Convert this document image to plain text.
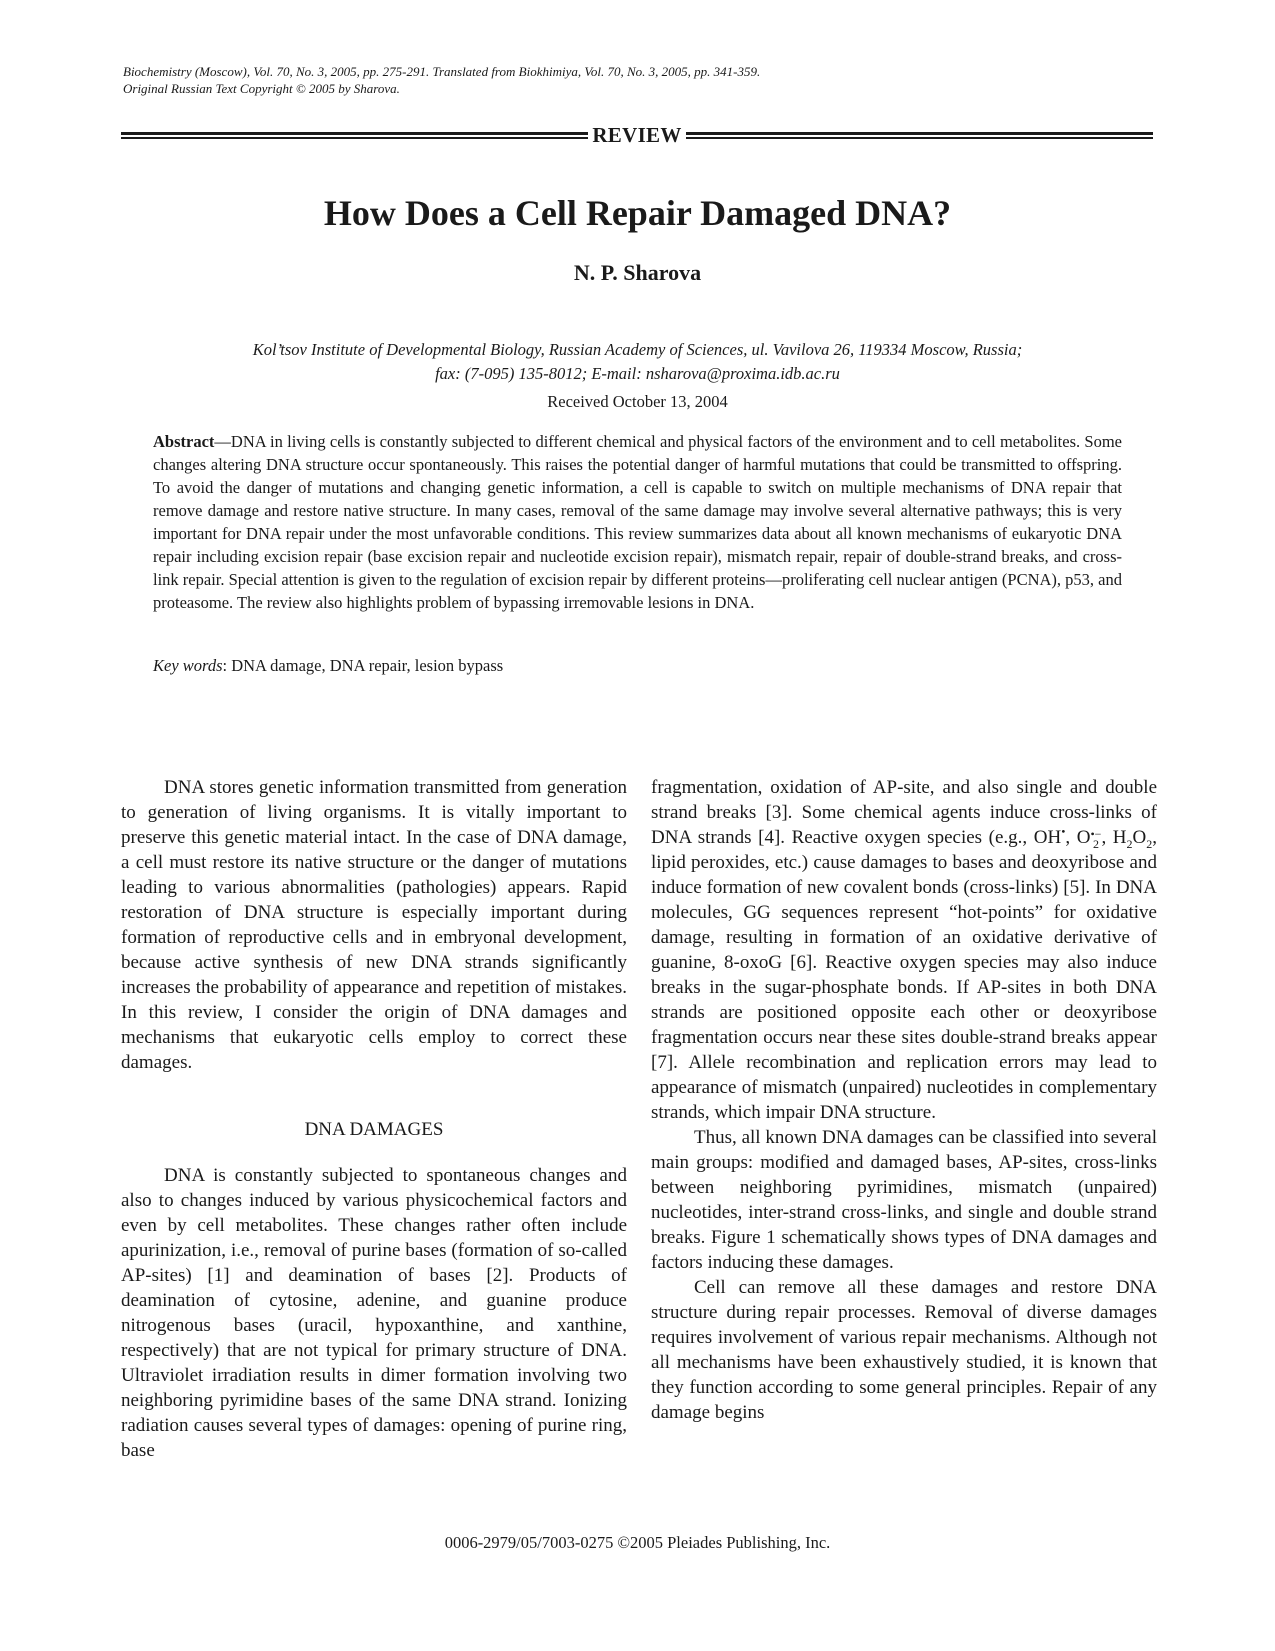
Biochemistry (Moscow), Vol. 70, No. 3, 2005, pp. 275-291. Translated from Biokhimiya, Vol. 70, No. 3, 2005, pp. 341-359.
Original Russian Text Copyright © 2005 by Sharova.
REVIEW
How Does a Cell Repair Damaged DNA?
N. P. Sharova
Kol’tsov Institute of Developmental Biology, Russian Academy of Sciences, ul. Vavilova 26, 119334 Moscow, Russia;
fax: (7-095) 135-8012; E-mail: nsharova@proxima.idb.ac.ru
Received October 13, 2004
Abstract—DNA in living cells is constantly subjected to different chemical and physical factors of the environment and to cell metabolites. Some changes altering DNA structure occur spontaneously. This raises the potential danger of harmful mutations that could be transmitted to offspring. To avoid the danger of mutations and changing genetic information, a cell is capable to switch on multiple mechanisms of DNA repair that remove damage and restore native structure. In many cases, removal of the same damage may involve several alternative pathways; this is very important for DNA repair under the most unfavorable conditions. This review summarizes data about all known mechanisms of eukaryotic DNA repair including excision repair (base excision repair and nucleotide excision repair), mismatch repair, repair of double-strand breaks, and cross-link repair. Special attention is given to the regulation of excision repair by different proteins—proliferating cell nuclear antigen (PCNA), p53, and proteasome. The review also highlights problem of bypassing irremovable lesions in DNA.
Key words: DNA damage, DNA repair, lesion bypass

DNA stores genetic information transmitted from generation to generation of living organisms. It is vitally important to preserve this genetic material intact. In the case of DNA damage, a cell must restore its native structure or the danger of mutations leading to various abnormalities (pathologies) appears. Rapid restoration of DNA structure is especially important during formation of reproductive cells and in embryonal development, because active synthesis of new DNA strands significantly increases the probability of appearance and repetition of mistakes. In this review, I consider the origin of DNA damages and mechanisms that eukaryotic cells employ to correct these damages.

DNA DAMAGES

DNA is constantly subjected to spontaneous changes and also to changes induced by various physicochemical factors and even by cell metabolites. These changes rather often include apurinization, i.e., removal of purine bases (formation of so-called AP-sites) [1] and deamination of bases [2]. Products of deamination of cytosine, adenine, and guanine produce nitrogenous bases (uracil, hypoxanthine, and xanthine, respectively) that are not typical for primary structure of DNA. Ultraviolet irradiation results in dimer formation involving two neighboring pyrimidine bases of the same DNA strand. Ionizing radiation causes several types of damages: opening of purine ring, base

fragmentation, oxidation of AP-site, and also single and double strand breaks [3]. Some chemical agents induce cross-links of DNA strands [4]. Reactive oxygen species (e.g., OH•, O •−
2 , $H_2O_2$, lipid peroxides, etc.) cause damages to bases and deoxyribose and induce formation of new covalent bonds (cross-links) [5]. In DNA molecules, GG sequences represent “hot-points” for oxidative damage, resulting in formation of an oxidative derivative of guanine, 8-oxoG [6]. Reactive oxygen species may also induce breaks in the sugar-phosphate bonds. If AP-sites in both DNA strands are positioned opposite each other or deoxyribose fragmentation occurs near these sites double-strand breaks appear [7]. Allele recombination and replication errors may lead to appearance of mismatch (unpaired) nucleotides in complementary strands, which impair DNA structure.

Thus, all known DNA damages can be classified into several main groups: modified and damaged bases, AP-sites, cross-links between neighboring pyrimidines, mismatch (unpaired) nucleotides, inter-strand cross-links, and single and double strand breaks. Figure 1 schematically shows types of DNA damages and factors inducing these damages.

Cell can remove all these damages and restore DNA structure during repair processes. Removal of diverse damages requires involvement of various repair mechanisms. Although not all mechanisms have been exhaustively studied, it is known that they function according to some general principles. Repair of any damage begins

0006-2979/05/7003-0275 ©2005 Pleiades Publishing, Inc.
